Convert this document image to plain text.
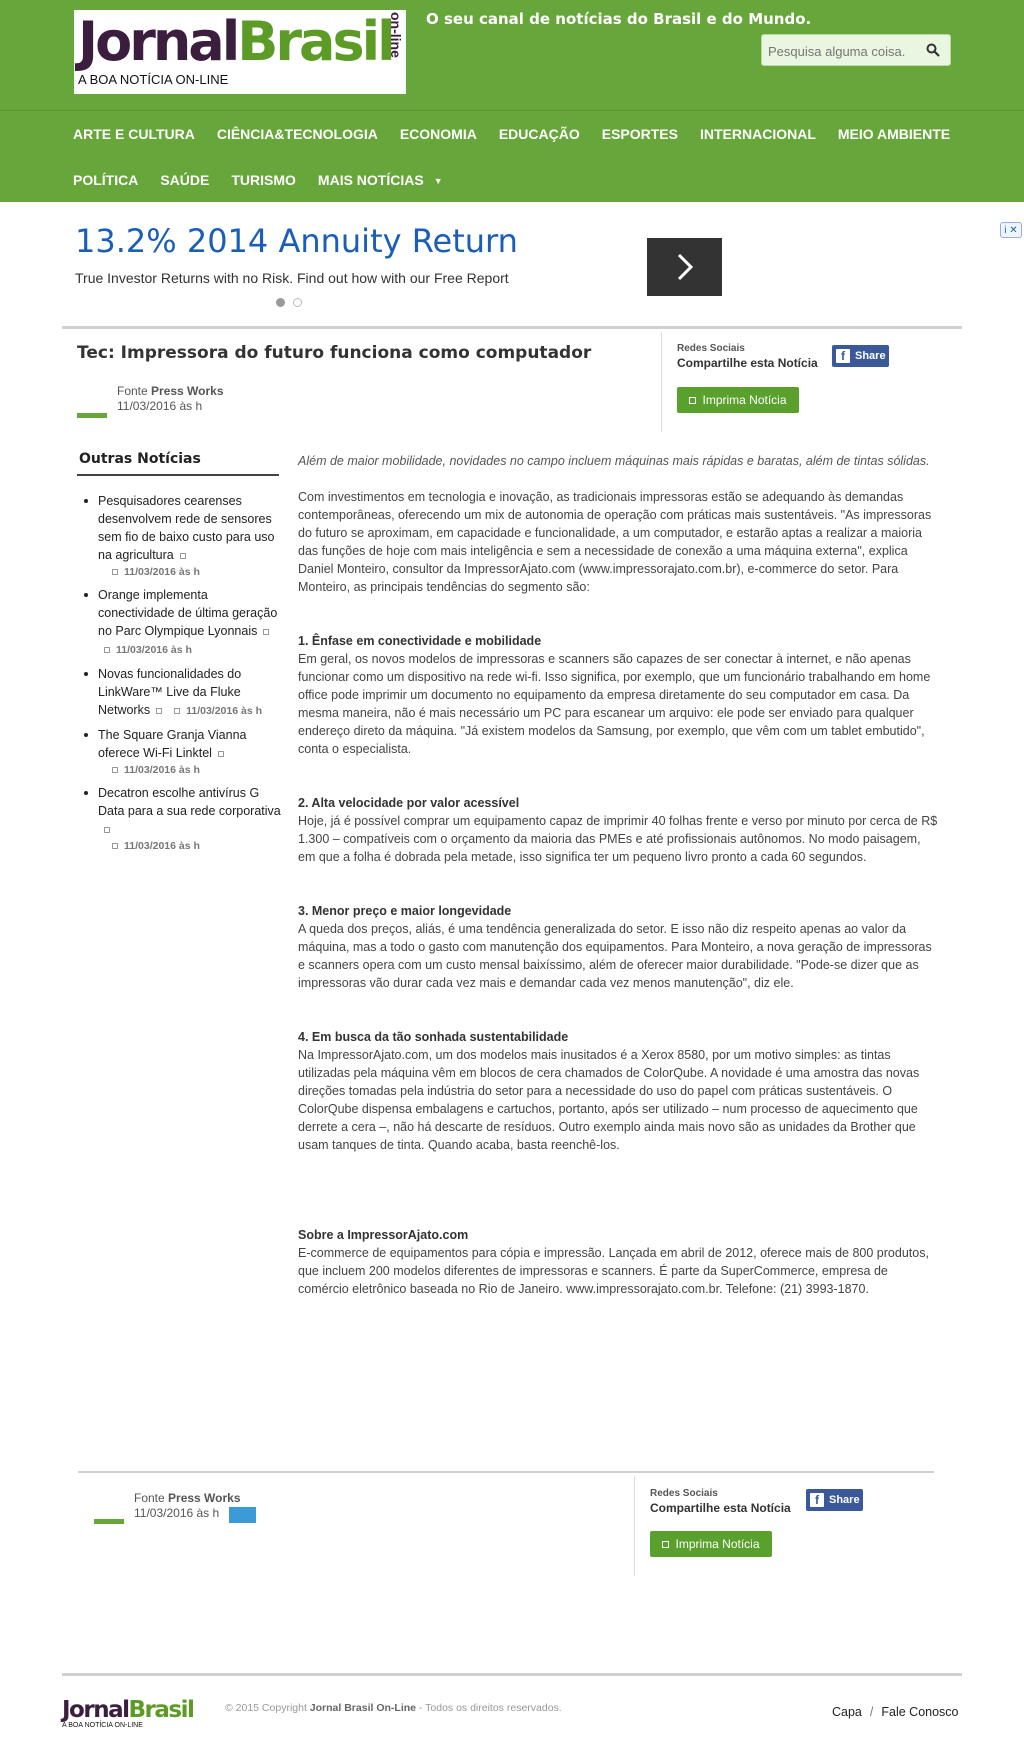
JornalBrasil
on-line
A BOA NOTÍCIA ON-LINE
O seu canal de notícias do Brasil e do Mundo.
Pesquisa alguma coisa.
ARTE E CULTURA	CIÊNCIA&TECNOLOGIA	ECONOMIA	EDUCAÇÃO	ESPORTES	INTERNACIONAL	MEIO AMBIENTE
POLÍTICA	SAÚDE	TURISMO	MAIS NOTÍCIAS ▼
13.2% 2014 Annuity Return
True Investor Returns with no Risk. Find out how with our Free Report
i ✕
Tec: Impressora do futuro funciona como computador
Fonte Press Works
11/03/2016 às h
Redes Sociais
Compartilhe esta Notícia	f Share
Imprima Notícia
Outras Notícias
Pesquisadores cearenses desenvolvem rede de sensores sem fio de baixo custo para uso na agricultura
11/03/2016 às h
Orange implementa conectividade de última geração no Parc Olympique Lyonnais11/03/2016 às h
Novas funcionalidades do LinkWare™ Live da Fluke Networks	11/03/2016 às h
The Square Granja Vianna oferece Wi-Fi Linktel
11/03/2016 às h
Decatron escolhe antivírus G Data para a sua rede corporativa
11/03/2016 às h

Além de maior mobilidade, novidades no campo incluem máquinas mais rápidas e baratas, além de tintas sólidas.

Com investimentos em tecnologia e inovação, as tradicionais impressoras estão se adequando às demandas contemporâneas, oferecendo um mix de autonomia de operação com práticas mais sustentáveis. "As impressoras do futuro se aproximam, em capacidade e funcionalidade, a um computador, e estarão aptas a realizar a maioria das funções de hoje com mais inteligência e sem a necessidade de conexão a uma máquina externa", explica Daniel Monteiro, consultor da ImpressorAjato.com (www.impressorajato.com.br), e-commerce do setor. Para Monteiro, as principais tendências do segmento são:

1. Ênfase em conectividade e mobilidade

Em geral, os novos modelos de impressoras e scanners são capazes de ser conectar à internet, e não apenas funcionar como um dispositivo na rede wi-fi. Isso significa, por exemplo, que um funcionário trabalhando em home office pode imprimir um documento no equipamento da empresa diretamente do seu computador em casa. Da mesma maneira, não é mais necessário um PC para escanear um arquivo: ele pode ser enviado para qualquer endereço direto da máquina. "Já existem modelos da Samsung, por exemplo, que vêm com um tablet embutido", conta o especialista.

2. Alta velocidade por valor acessível

Hoje, já é possível comprar um equipamento capaz de imprimir 40 folhas frente e verso por minuto por cerca de R$ 1.300 – compatíveis com o orçamento da maioria das PMEs e até profissionais autônomos. No modo paisagem, em que a folha é dobrada pela metade, isso significa ter um pequeno livro pronto a cada 60 segundos.

3. Menor preço e maior longevidade

A queda dos preços, aliás, é uma tendência generalizada do setor. E isso não diz respeito apenas ao valor da máquina, mas a todo o gasto com manutenção dos equipamentos. Para Monteiro, a nova geração de impressoras e scanners opera com um custo mensal baixíssimo, além de oferecer maior durabilidade. "Pode-se dizer que as impressoras vão durar cada vez mais e demandar cada vez menos manutenção", diz ele.

4. Em busca da tão sonhada sustentabilidade

Na ImpressorAjato.com, um dos modelos mais inusitados é a Xerox 8580, por um motivo simples: as tintas utilizadas pela máquina vêm em blocos de cera chamados de ColorQube. A novidade é uma amostra das novas direções tomadas pela indústria do setor para a necessidade do uso do papel com práticas sustentáveis. O ColorQube dispensa embalagens e cartuchos, portanto, após ser utilizado – num processo de aquecimento que derrete a cera –, não há descarte de resíduos. Outro exemplo ainda mais novo são as unidades da Brother que usam tanques de tinta. Quando acaba, basta reenchê-los.

Sobre a ImpressorAjato.com

E-commerce de equipamentos para cópia e impressão. Lançada em abril de 2012, oferece mais de 800 produtos, que incluem 200 modelos diferentes de impressoras e scanners. É parte da SuperCommerce, empresa de comércio eletrônico baseada no Rio de Janeiro. www.impressorajato.com.br. Telefone: (21) 3993-1870.

Fonte Press Works
11/03/2016 às h
Redes Sociais
Compartilhe esta Notícia
f Share
Imprima Notícia
JornalBrasil
A BOA NOTÍCIA ON-LINE
© 2015 Copyright Jornal Brasil On-Line - Todos os direitos reservados.	Capa / Fale Conosco
